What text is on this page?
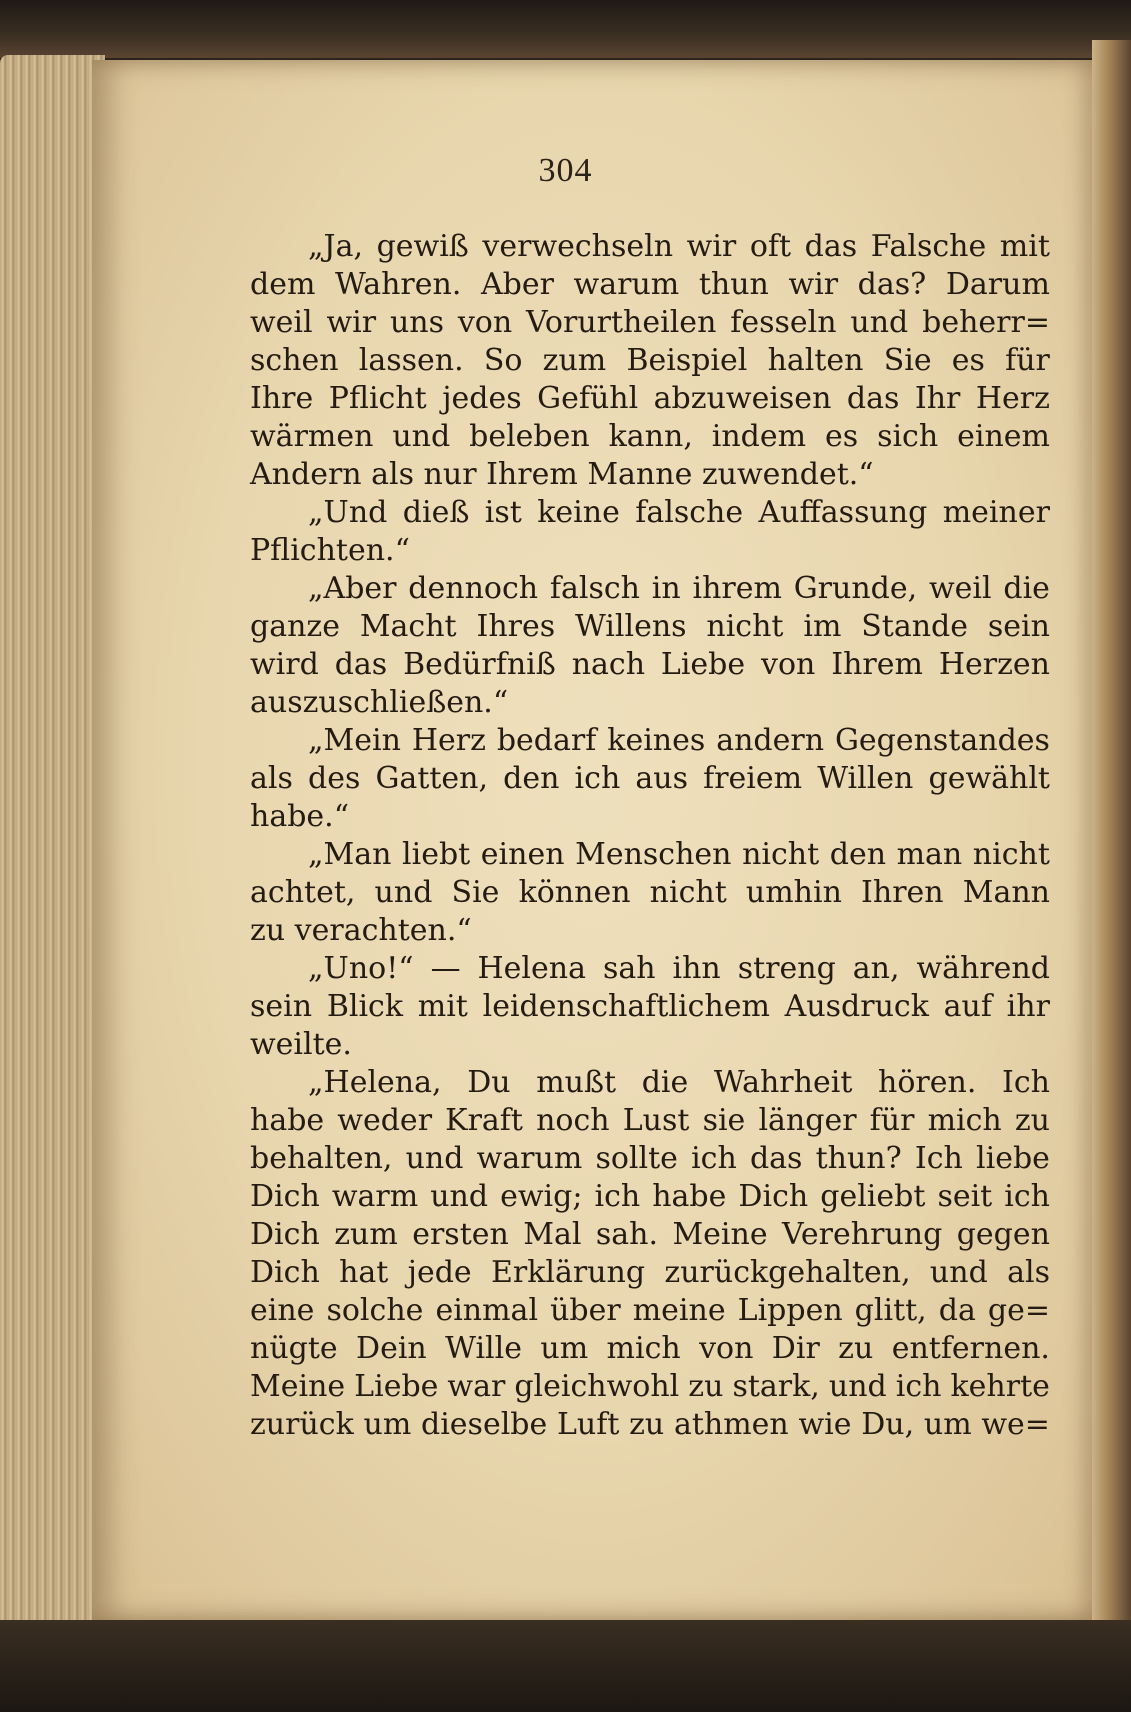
304
„Ja, gewiß verwechseln wir oft das Falsche mit
dem Wahren. Aber warum thun wir das? Darum
weil wir uns von Vorurtheilen fesseln und beherr=
schen lassen. So zum Beispiel halten Sie es für
Ihre Pflicht jedes Gefühl abzuweisen das Ihr Herz
wärmen und beleben kann, indem es sich einem
Andern als nur Ihrem Manne zuwendet.“
„Und dieß ist keine falsche Auffassung meiner
Pflichten.“
„Aber dennoch falsch in ihrem Grunde, weil die
ganze Macht Ihres Willens nicht im Stande sein
wird das Bedürfniß nach Liebe von Ihrem Herzen
auszuschließen.“
„Mein Herz bedarf keines andern Gegenstandes
als des Gatten, den ich aus freiem Willen gewählt
habe.“
„Man liebt einen Menschen nicht den man nicht
achtet, und Sie können nicht umhin Ihren Mann
zu verachten.“
„Uno!“ — Helena sah ihn streng an, während
sein Blick mit leidenschaftlichem Ausdruck auf ihr
weilte.
„Helena, Du mußt die Wahrheit hören. Ich
habe weder Kraft noch Lust sie länger für mich zu
behalten, und warum sollte ich das thun? Ich liebe
Dich warm und ewig; ich habe Dich geliebt seit ich
Dich zum ersten Mal sah. Meine Verehrung gegen
Dich hat jede Erklärung zurückgehalten, und als
eine solche einmal über meine Lippen glitt, da ge=
nügte Dein Wille um mich von Dir zu entfernen.
Meine Liebe war gleichwohl zu stark, und ich kehrte
zurück um dieselbe Luft zu athmen wie Du, um we=
